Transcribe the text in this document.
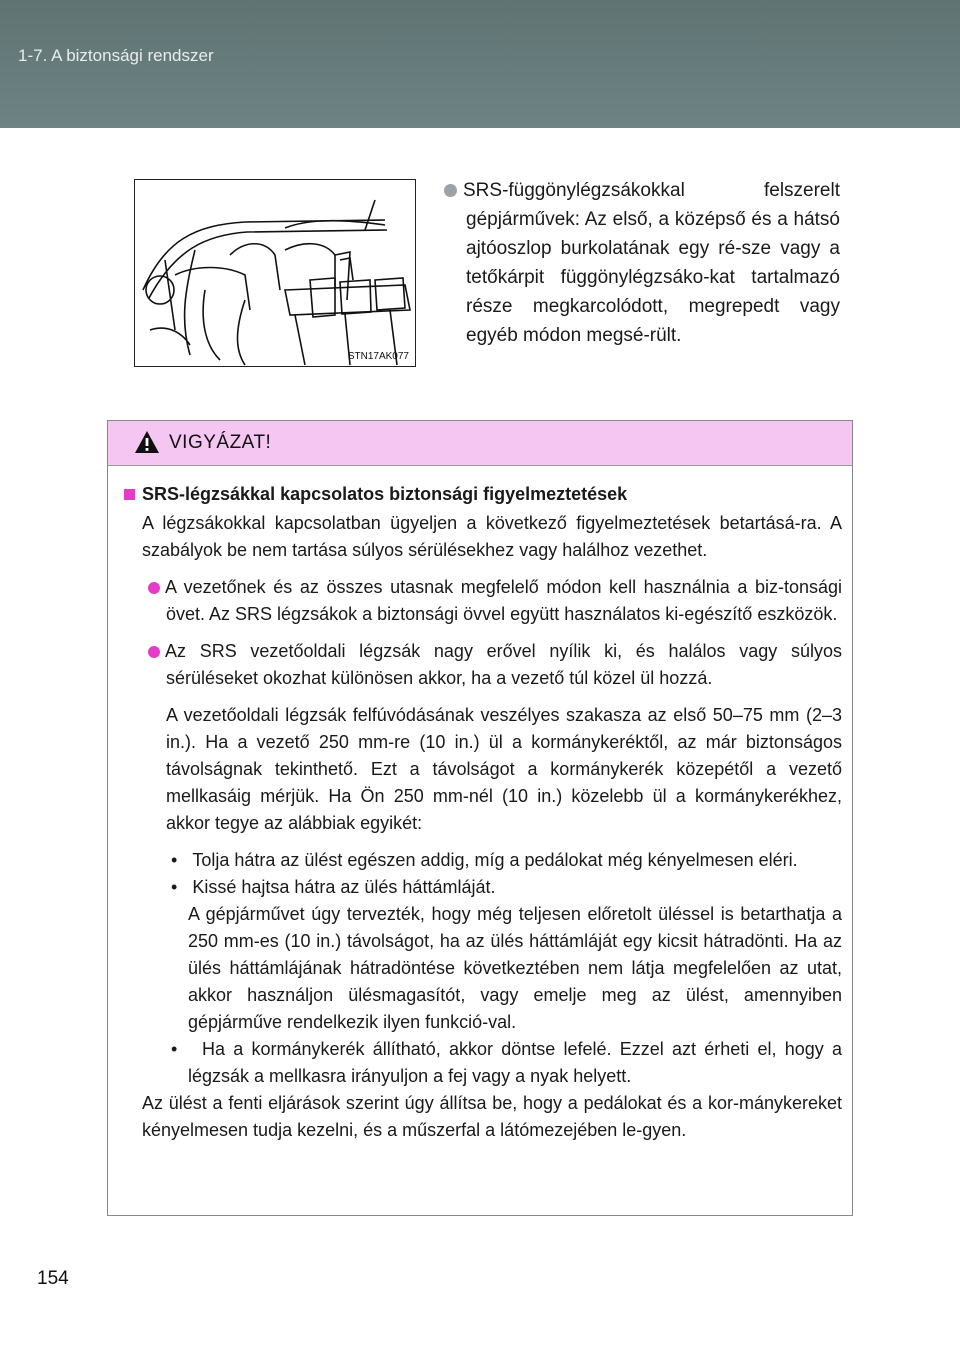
1-7. A biztonsági rendszer
STN17AK077

SRS-függönylégzsákokkal felszerelt gépjárművek: Az első, a középső és a hátsó ajtóoszlop burkolatának egy ré-sze vagy a tetőkárpit függönylégzsáko-kat tartalmazó része megkarcolódott, megrepedt vagy egyéb módon megsé-rült.

VIGYÁZAT!

SRS-légzsákkal kapcsolatos biztonsági figyelmeztetések

A légzsákokkal kapcsolatban ügyeljen a következő figyelmeztetések betartásá-ra. A szabályok be nem tartása súlyos sérülésekhez vagy halálhoz vezethet.

A vezetőnek és az összes utasnak megfelelő módon kell használnia a biz-tonsági övet. Az SRS légzsákok a biztonsági övvel együtt használatos ki-egészítő eszközök.

Az SRS vezetőoldali légzsák nagy erővel nyílik ki, és halálos vagy súlyos sérüléseket okozhat különösen akkor, ha a vezető túl közel ül hozzá.

A vezetőoldali légzsák felfúvódásának veszélyes szakasza az első 50–75 mm (2–3 in.). Ha a vezető 250 mm-re (10 in.) ül a kormánykeréktől, az már biztonságos távolságnak tekinthető. Ezt a távolságot a kormánykerék közepétől a vezető mellkasáig mérjük. Ha Ön 250 mm-nél (10 in.) közelebb ül a kormánykerékhez, akkor tegye az alábbiak egyikét:

•   Tolja hátra az ülést egészen addig, míg a pedálokat még kényelmesen eléri.

•   Kissé hajtsa hátra az ülés háttámláját.

A gépjárművet úgy tervezték, hogy még teljesen előretolt üléssel is betarthatja a 250 mm-es (10 in.) távolságot, ha az ülés háttámláját egy kicsit hátradönti. Ha az ülés háttámlájának hátradöntése következtében nem látja megfelelően az utat, akkor használjon ülésmagasítót, vagy emelje meg az ülést, amennyiben gépjárműve rendelkezik ilyen funkció-val.

•   Ha a kormánykerék állítható, akkor döntse lefelé. Ezzel azt érheti el, hogy a légzsák a mellkasra irányuljon a fej vagy a nyak helyett.

Az ülést a fenti eljárások szerint úgy állítsa be, hogy a pedálokat és a kor-mánykereket kényelmesen tudja kezelni, és a műszerfal a látómezejében le-gyen.

154
